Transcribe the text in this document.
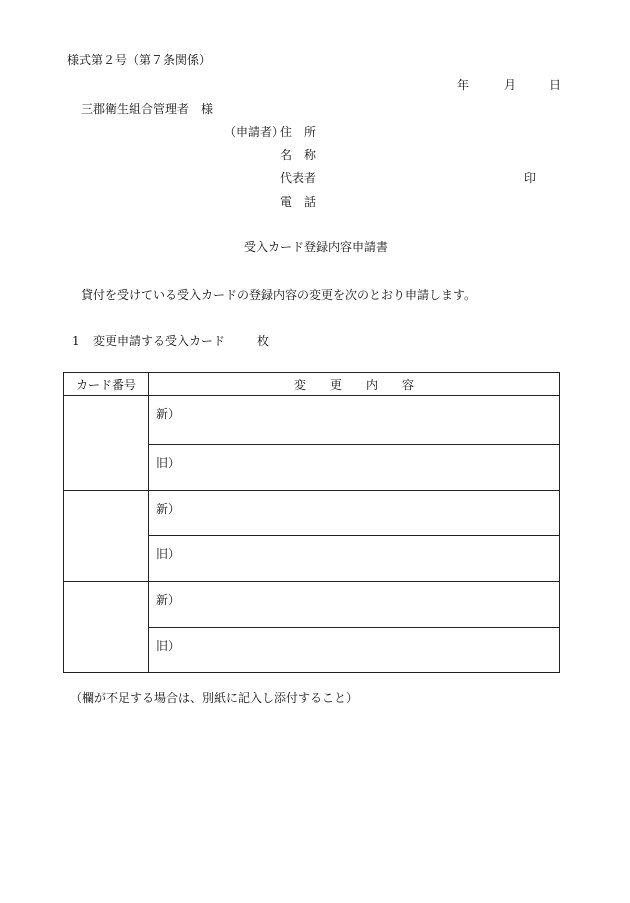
様式第２号（第７条関係）
年	月	日
三郡衛生組合管理者　様
（申請者）
住　所
名　称
代表者	印
電　話
受入カード登録内容申請書
貸付を受けている受入カードの登録内容の変更を次のとおり申請します。
1 変更申請する受入カード	枚
カード番号	変　　更　　内　　容

	新）

	旧）

	新）

	旧）

	新）

	旧）
（欄が不足する場合は、別紙に記入し添付すること）
